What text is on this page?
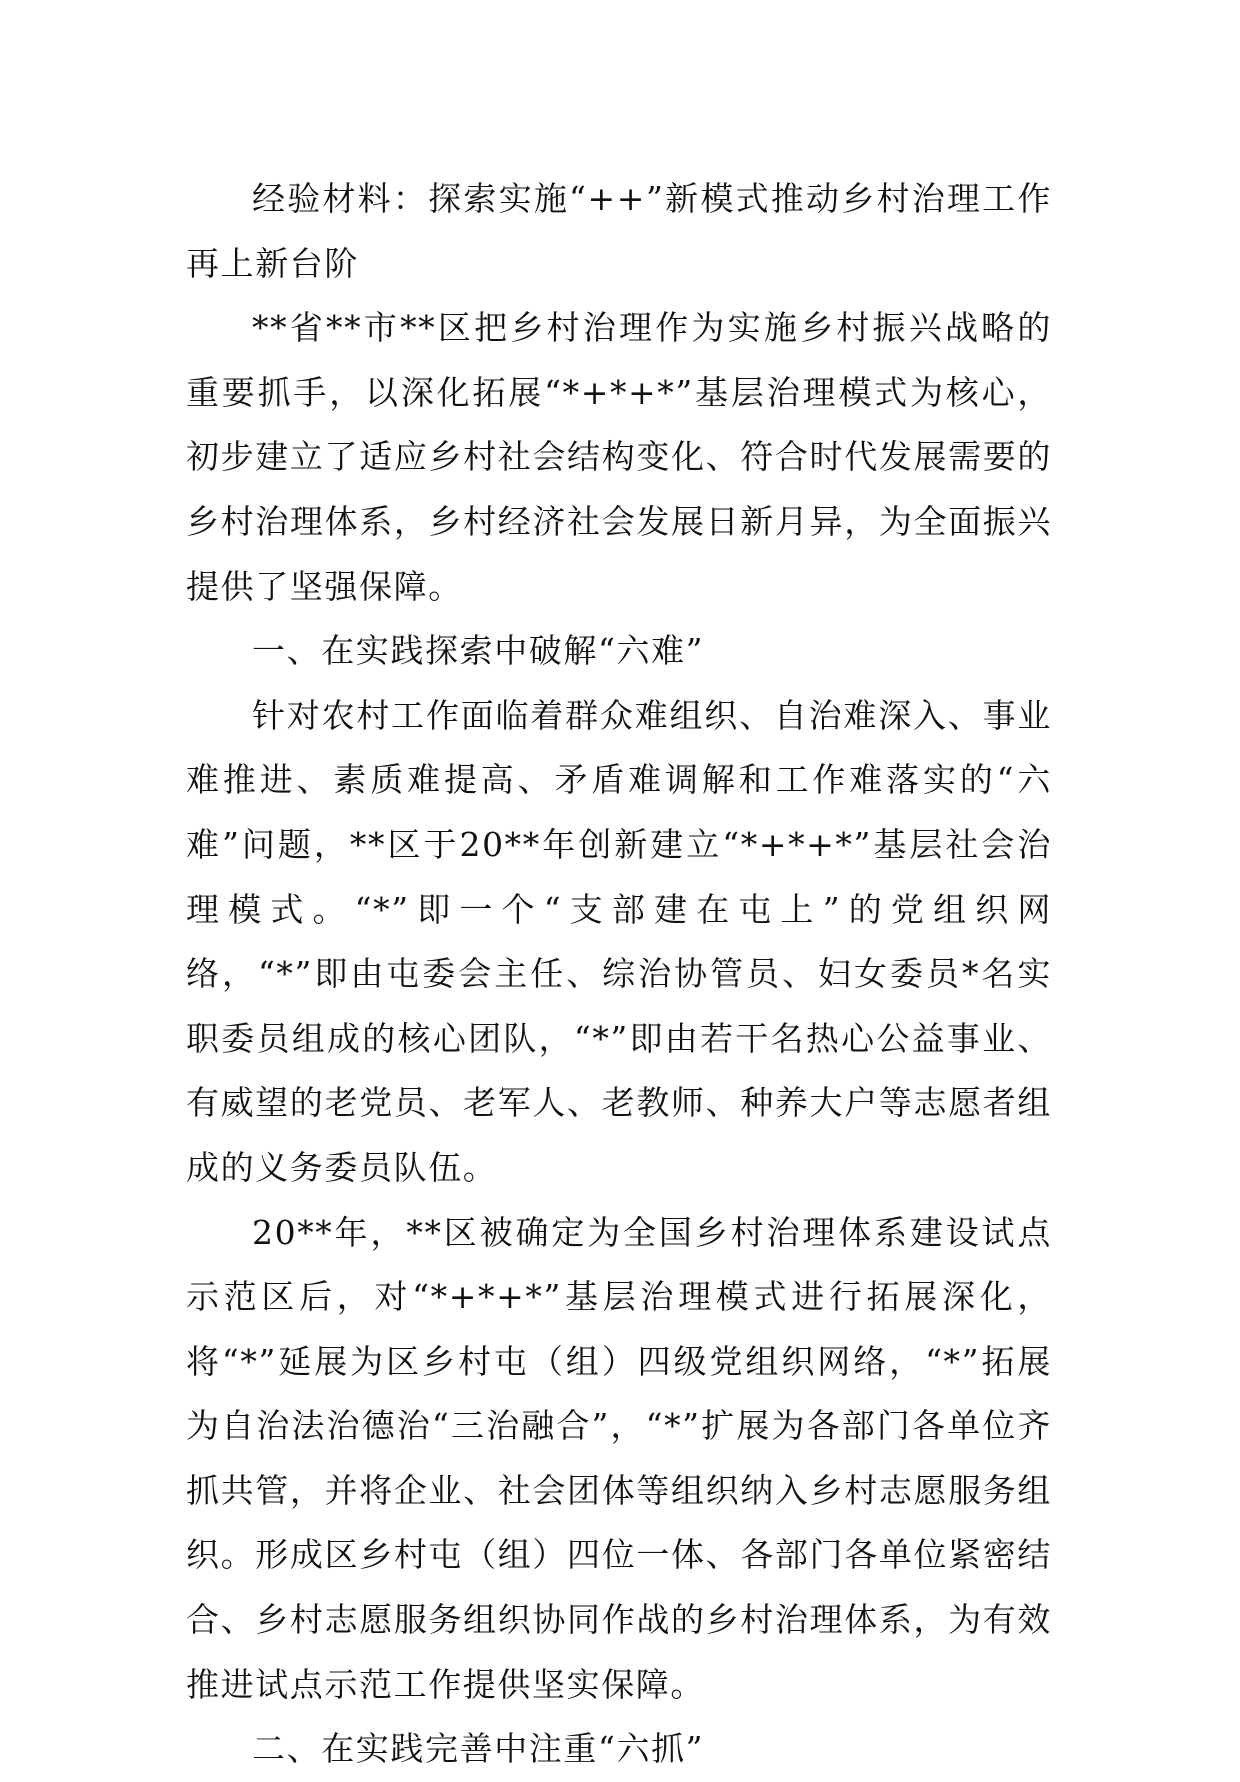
经验材料：探索实施“++”新模式推动乡村治理工作再上新台阶

**省**市**区把乡村治理作为实施乡村振兴战略的重要抓手，以深化拓展“*+*+*”基层治理模式为核心，初步建立了适应乡村社会结构变化、符合时代发展需要的乡村治理体系，乡村经济社会发展日新月异，为全面振兴提供了坚强保障。

一、在实践探索中破解“六难”

针对农村工作面临着群众难组织、自治难深入、事业难推进、素质难提高、矛盾难调解和工作难落实的“六难”问题，**区于20**年创新建立“*+*+*”基层社会治理模式。“*”即一个“支部建在屯上”的党组织网络，“*”即由屯委会主任、综治协管员、妇女委员*名实职委员组成的核心团队，“*”即由若干名热心公益事业、有威望的老党员、老军人、老教师、种养大户等志愿者组成的义务委员队伍。

20**年，**区被确定为全国乡村治理体系建设试点示范区后，对“*+*+*”基层治理模式进行拓展深化，将“*”延展为区乡村屯（组）四级党组织网络，“*”拓展为自治法治德治“三治融合”，“*”扩展为各部门各单位齐抓共管，并将企业、社会团体等组织纳入乡村志愿服务组织。形成区乡村屯（组）四位一体、各部门各单位紧密结合、乡村志愿服务组织协同作战的乡村治理体系，为有效推进试点示范工作提供坚实保障。

二、在实践完善中注重“六抓”
